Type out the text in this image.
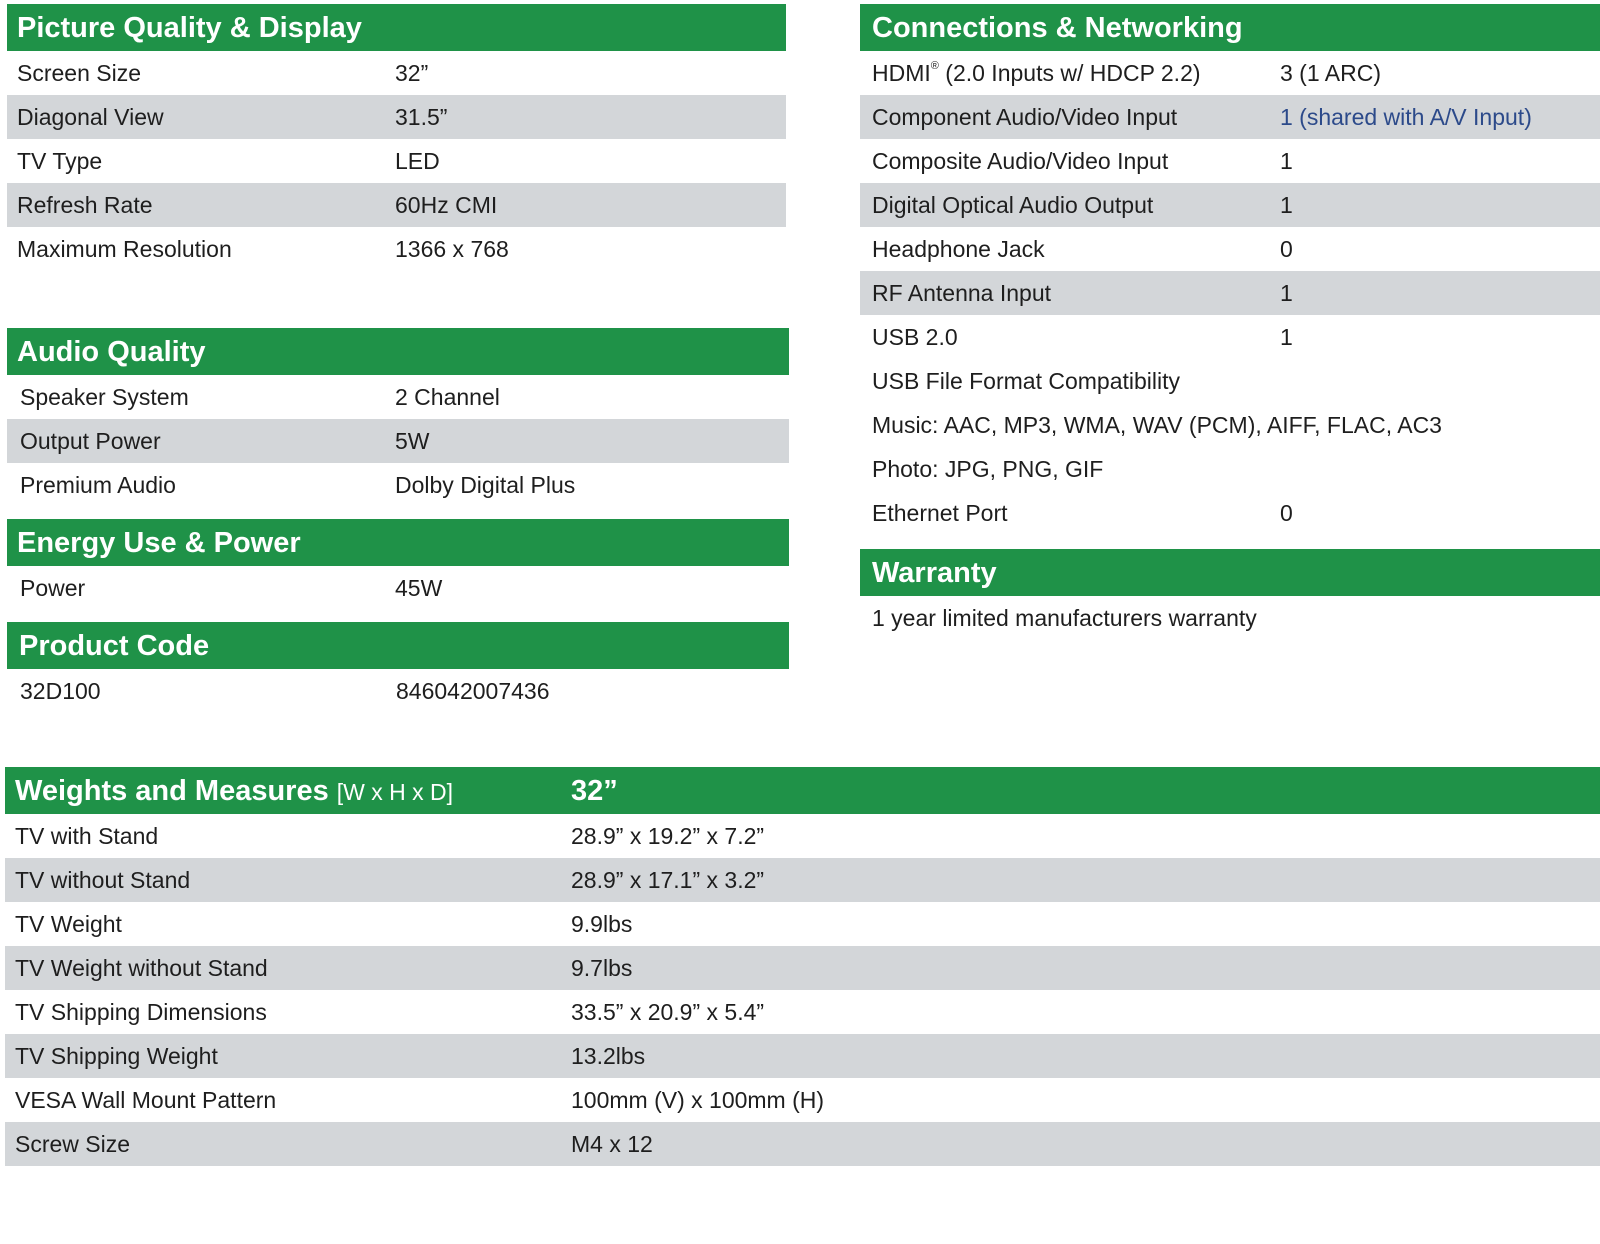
Picture Quality & Display
Screen Size	32”
Diagonal View	31.5”
TV Type	LED
Refresh Rate	60Hz CMI
Maximum Resolution	1366 x 768
Audio Quality
Speaker System	2 Channel
Output Power	5W
Premium Audio	Dolby Digital Plus
Energy Use & Power
Power	45W
Product Code
32D100	846042007436
Connections & Networking
HDMI® (2.0 Inputs w/ HDCP 2.2)	3 (1 ARC)
Component Audio/Video Input	1 (shared with A/V Input)
Composite Audio/Video Input	1
Digital Optical Audio Output	1
Headphone Jack	0
RF Antenna Input	1
USB 2.0	1
USB File Format Compatibility
Music: AAC, MP3, WMA, WAV (PCM), AIFF, FLAC, AC3
Photo: JPG, PNG, GIF
Ethernet Port	0
Warranty
1 year limited manufacturers warranty
Weights and Measures [W x H x D]	32”
TV with Stand	28.9” x 19.2” x 7.2”
TV without Stand	28.9” x 17.1” x 3.2”
TV Weight	9.9lbs
TV Weight without Stand	9.7lbs
TV Shipping Dimensions	33.5” x 20.9” x 5.4”
TV Shipping Weight	13.2lbs
VESA Wall Mount Pattern	100mm (V) x 100mm (H)
Screw Size	M4 x 12
